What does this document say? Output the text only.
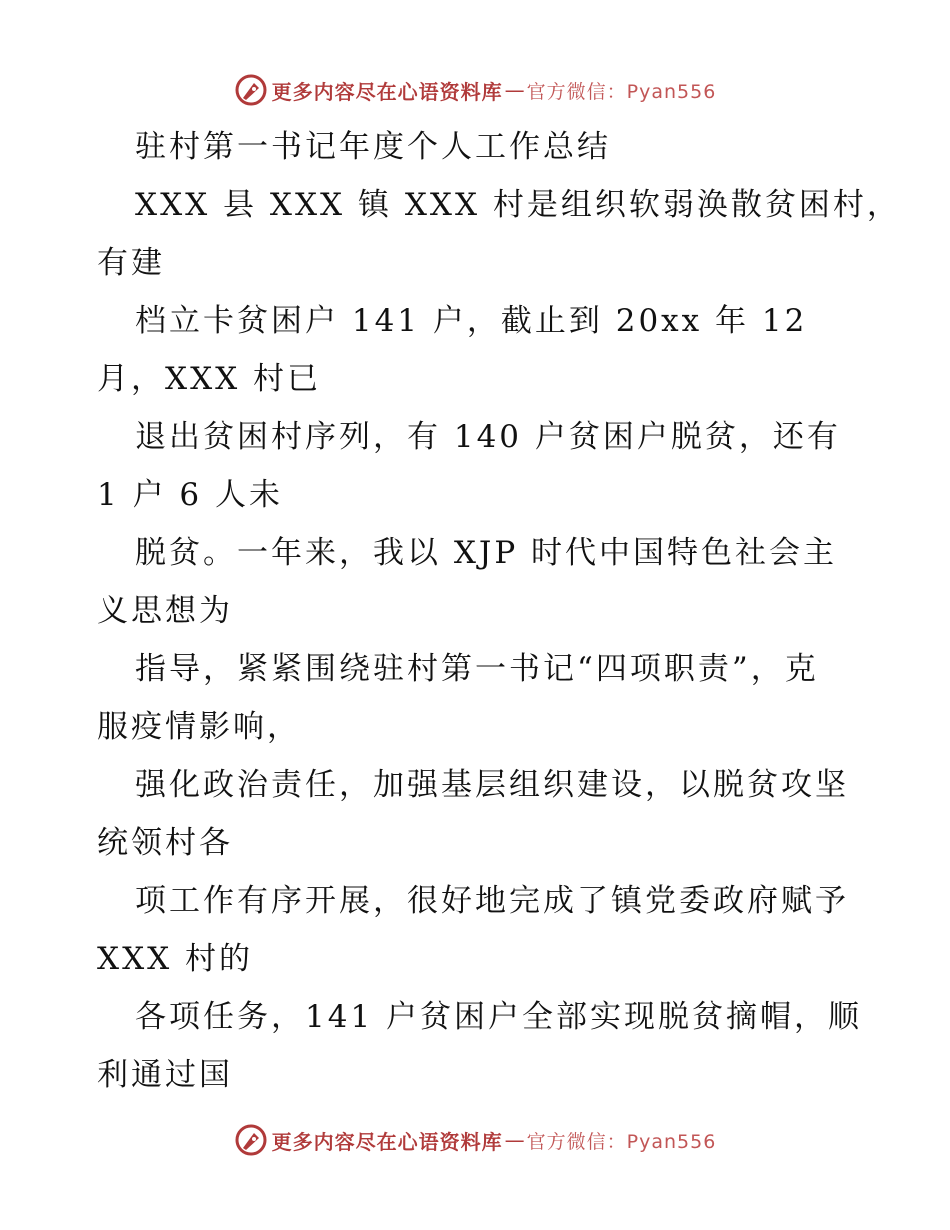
更多内容尽在心语资料库 — 官方微信：Pyan556
驻村第一书记年度个人工作总结
XXX 县 XXX 镇 XXX 村是组织软弱涣散贫困村，
有建
档立卡贫困户 141 户，截止到 20xx 年 12
月，XXX 村已
退出贫困村序列，有 140 户贫困户脱贫，还有
1 户 6 人未
脱贫。一年来，我以 XJP 时代中国特色社会主
义思想为
指导，紧紧围绕驻村第一书记“四项职责”，克
服疫情影响，
强化政治责任，加强基层组织建设，以脱贫攻坚
统领村各
项工作有序开展，很好地完成了镇党委政府赋予
XXX 村的
各项任务，141 户贫困户全部实现脱贫摘帽，顺
利通过国
更多内容尽在心语资料库 — 官方微信：Pyan556
